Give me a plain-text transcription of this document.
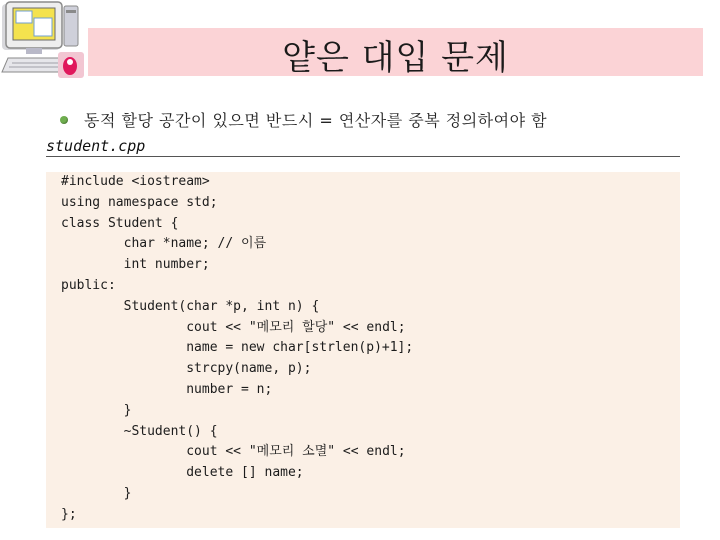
얕은 대입 문제
동적 할당 공간이 있으면 반드시 = 연산자를 중복 정의하여야 함
student.cpp
#include <iostream>
using namespace std;
class Student {
char *name; // 이름
int number;
public:
Student(char *p, int n) {
cout << "메모리 할당" << endl;
name = new char[strlen(p)+1];
strcpy(name, p);
number = n;
}
~Student() {
cout << "메모리 소멸" << endl;
delete [] name;
}
};
